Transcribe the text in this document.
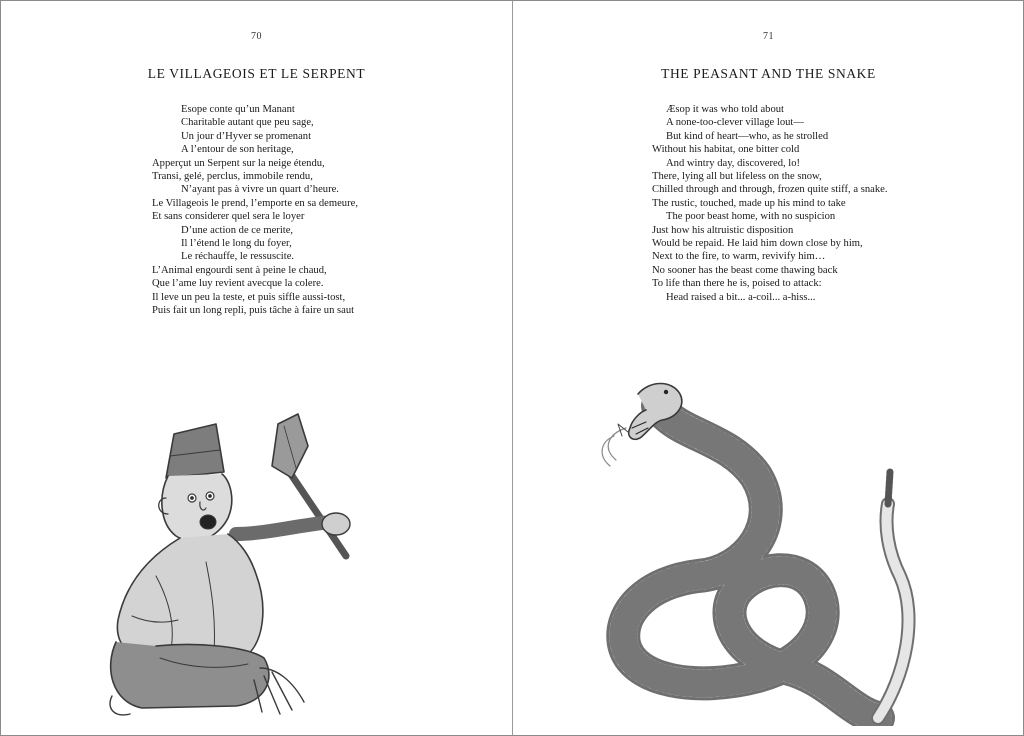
70
LE VILLAGEOIS ET LE SERPENT
Esope conte qu’un Manant
Charitable autant que peu sage,
Un jour d’Hyver se promenant
A l’entour de son heritage,
Apperçut un Serpent sur la neige étendu,
Transi, gelé, perclus, immobile rendu,
N’ayant pas à vivre un quart d’heure.
Le Villageois le prend, l’emporte en sa demeure,
Et sans considerer quel sera le loyer
D’une action de ce merite,
Il l’étend le long du foyer,
Le réchauffe, le ressuscite.
L’Animal engourdi sent à peine le chaud,
Que l’ame luy revient avecque la colere.
Il leve un peu la teste, et puis siffle aussi-tost,
Puis fait un long repli, puis tâche à faire un saut
71
THE PEASANT AND THE SNAKE
Æsop it was who told about
A none-too-clever village lout—
But kind of heart—who, as he strolled
Without his habitat, one bitter cold
And wintry day, discovered, lo!
There, lying all but lifeless on the snow,
Chilled through and through, frozen quite stiff, a snake.
The rustic, touched, made up his mind to take
The poor beast home, with no suspicion
Just how his altruistic disposition
Would be repaid. He laid him down close by him,
Next to the fire, to warm, revivify him…
No sooner has the beast come thawing back
To life than there he is, poised to attack:
Head raised a bit... a-coil... a-hiss...
